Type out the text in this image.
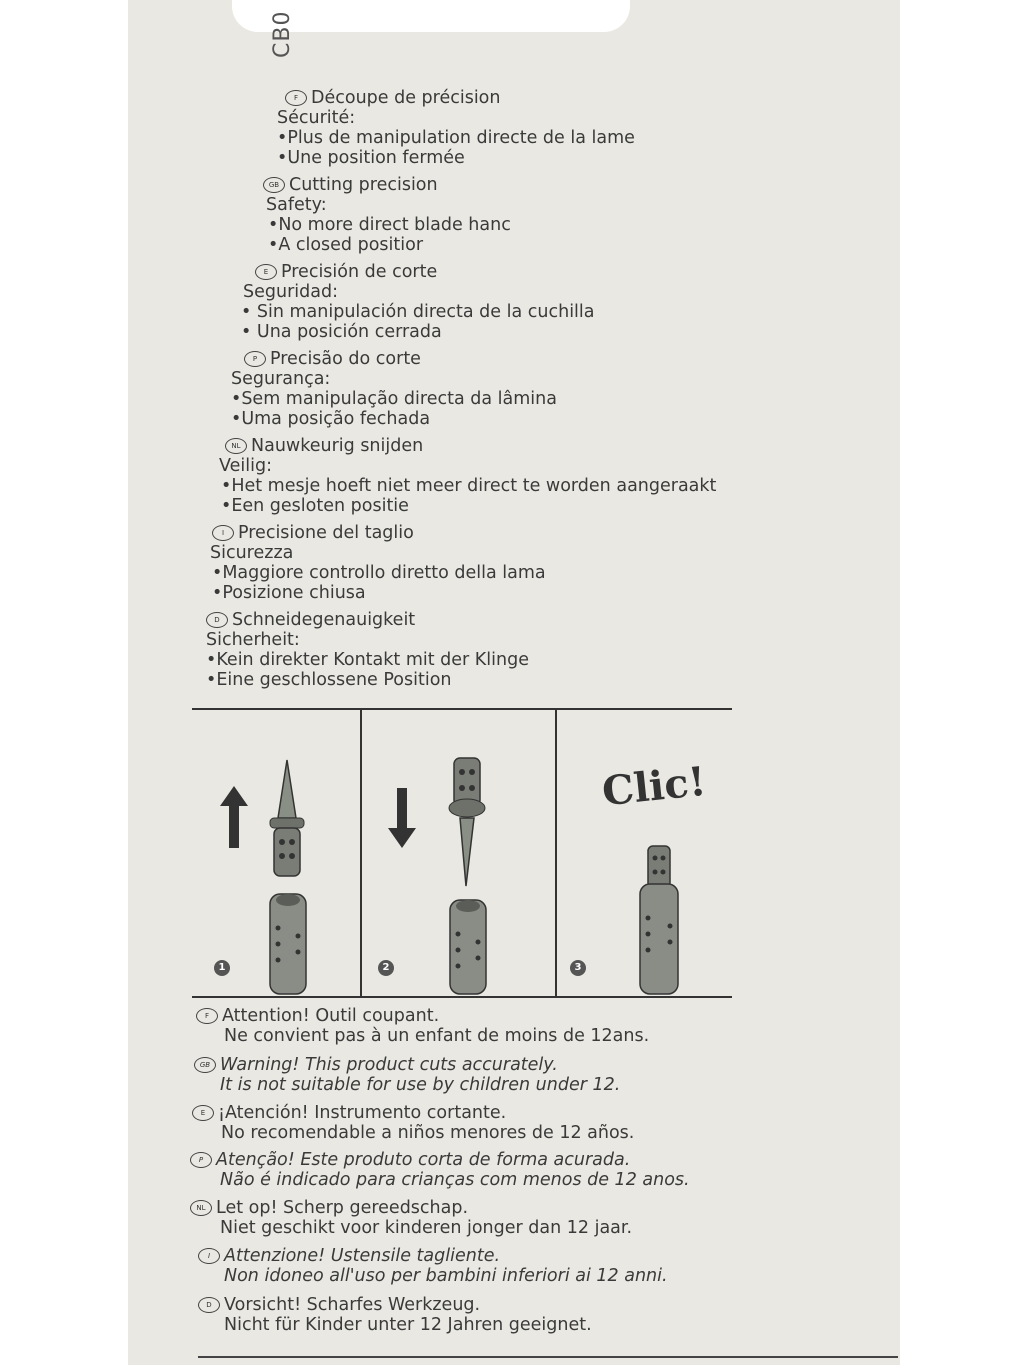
CB0
F Découpe de précision
Sécurité:
•Plus de manipulation directe de la lame
•Une position fermée
GB Cutting precision
Safety:
•No more direct blade hanc
•A closed positior
E Precisión de corte
Seguridad:
• Sin manipulación directa de la cuchilla
• Una posición cerrada
P Precisão do corte
Segurança:
•Sem manipulação directa da lâmina
•Uma posição fechada
NL Nauwkeurig snijden
Veilig:
•Het mesje hoeft niet meer direct te worden aangeraakt
•Een gesloten positie
I Precisione del taglio
Sicurezza
•Maggiore controllo diretto della lama
•Posizione chiusa
D Schneidegenauigkeit
Sicherheit:
•Kein direkter Kontakt mit der Klinge
•Eine geschlossene Position
1	2	3
Clic!
F Attention! Outil coupant.
Ne convient pas à un enfant de moins de 12ans.
GB Warning! This product cuts accurately.
It is not suitable for use by children under 12.
E ¡Atención! Instrumento cortante.
No recomendable a niños menores de 12 años.
P Atenção! Este produto corta de forma acurada.
Não é indicado para crianças com menos de 12 anos.
NL Let op! Scherp gereedschap.
Niet geschikt voor kinderen jonger dan 12 jaar.
I Attenzione! Ustensile tagliente.
Non idoneo all'uso per bambini inferiori ai 12 anni.
D Vorsicht! Scharfes Werkzeug.
Nicht für Kinder unter 12 Jahren geeignet.
